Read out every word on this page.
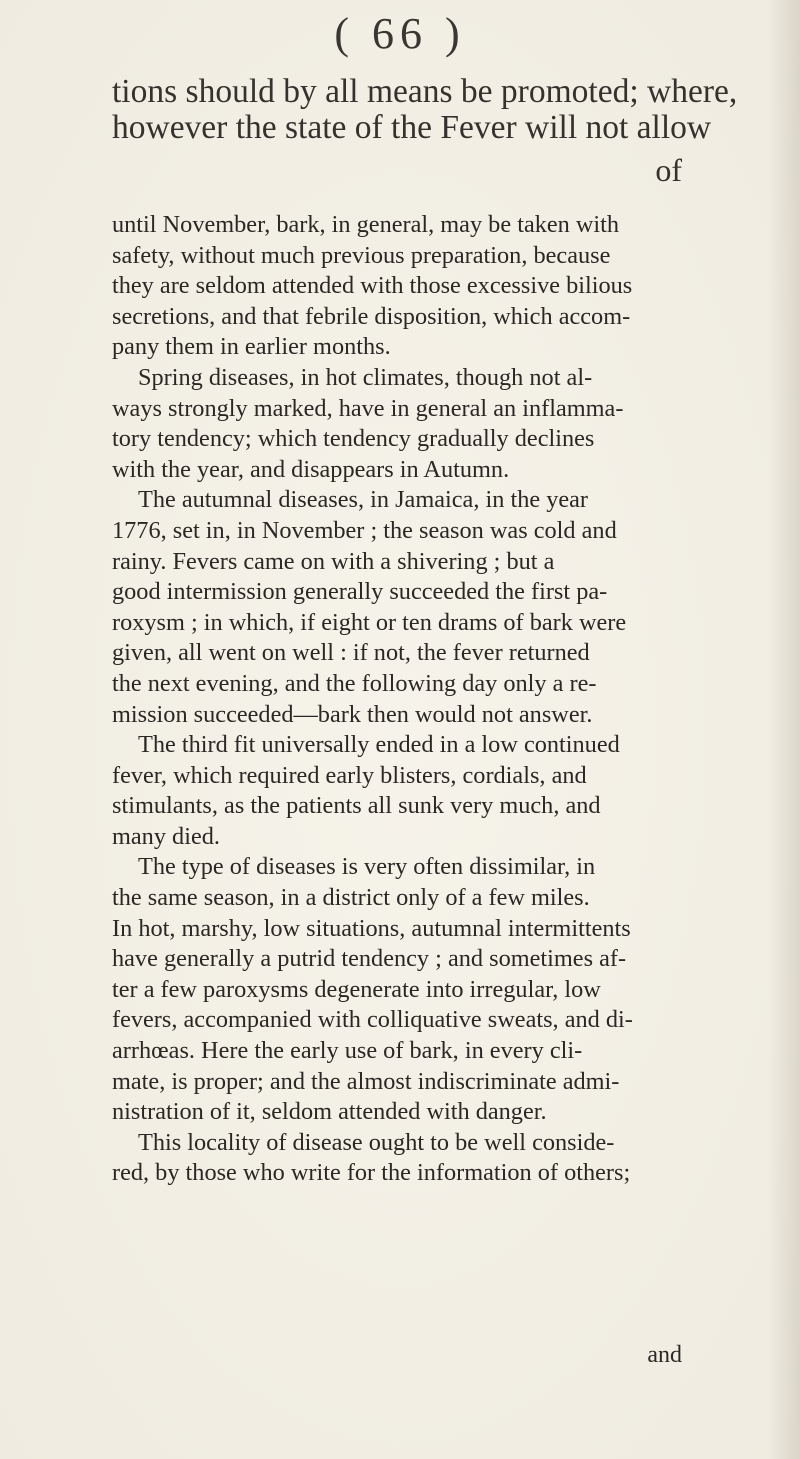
( 66 )
tions should by all means be promoted; where,
however the state of the Fever will not allow
of
until November, bark, in general, may be taken with
safety, without much previous preparation, because
they are seldom attended with those excessive bilious
secretions, and that febrile disposition, which accom-
pany them in earlier months.
Spring diseases, in hot climates, though not al-
ways strongly marked, have in general an inflamma-
tory tendency; which tendency gradually declines
with the year, and disappears in Autumn.
The autumnal diseases, in Jamaica, in the year
1776, set in, in November ; the season was cold and
rainy. Fevers came on with a shivering ; but a
good intermission generally succeeded the first pa-
roxysm ; in which, if eight or ten drams of bark were
given, all went on well : if not, the fever returned
the next evening, and the following day only a re-
mission succeeded—bark then would not answer.
The third fit universally ended in a low continued
fever, which required early blisters, cordials, and
stimulants, as the patients all sunk very much, and
many died.
The type of diseases is very often dissimilar, in
the same season, in a district only of a few miles.
In hot, marshy, low situations, autumnal intermittents
have generally a putrid tendency ; and sometimes af-
ter a few paroxysms degenerate into irregular, low
fevers, accompanied with colliquative sweats, and di-
arrhœas. Here the early use of bark, in every cli-
mate, is proper; and the almost indiscriminate admi-
nistration of it, seldom attended with danger.
This locality of disease ought to be well conside-
red, by those who write for the information of others;
and
